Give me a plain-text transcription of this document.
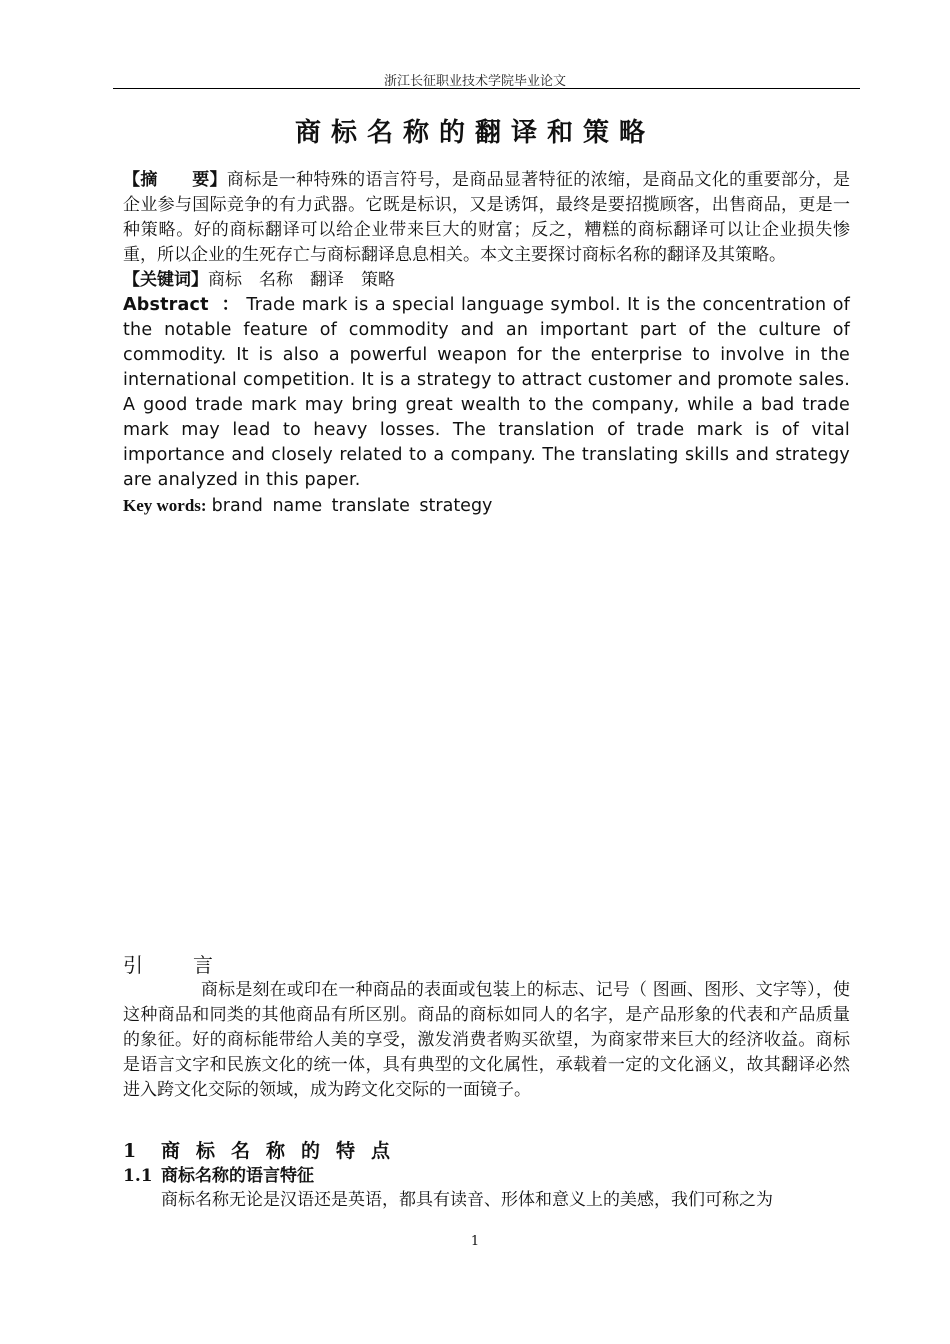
浙江长征职业技术学院毕业论文
商标名称的翻译和策略
【摘　　要】商标是一种特殊的语言符号，是商品显著特征的浓缩，是商品文化的重要部分，是企业参与国际竞争的有力武器。它既是标识，又是诱饵，最终是要招揽顾客，出售商品，更是一种策略。好的商标翻译可以给企业带来巨大的财富；反之，糟糕的商标翻译可以让企业损失惨重，所以企业的生死存亡与商标翻译息息相关。本文主要探讨商标名称的翻译及其策略。
【关键词】商标　名称　翻译　策略
Abstract ： Trade mark is a special language symbol. It is the concentration of the notable feature of commodity and an important part of the culture of commodity. It is also a powerful weapon for the enterprise to involve in the international competition. It is a strategy to attract customer and promote sales. A good trade mark may bring great wealth to the company, while a bad trade mark may lead to heavy losses. The translation of trade mark is of vital importance and closely related to a company. The translating skills and strategy are analyzed in this paper.
Key words: brand name translate strategy
引言
商标是刻在或印在一种商品的表面或包装上的标志、记号（ 图画、图形、文字等），使这种商品和同类的其他商品有所区别。商品的商标如同人的名字，是产品形象的代表和产品质量的象征。好的商标能带给人美的享受，激发消费者购买欲望，为商家带来巨大的经济收益。商标是语言文字和民族文化的统一体，具有典型的文化属性，承载着一定的文化涵义，故其翻译必然进入跨文化交际的领域，成为跨文化交际的一面镜子。
1 商标名称的特点
1.1 商标名称的语言特征
商标名称无论是汉语还是英语，都具有读音、形体和意义上的美感，我们可称之为
1
